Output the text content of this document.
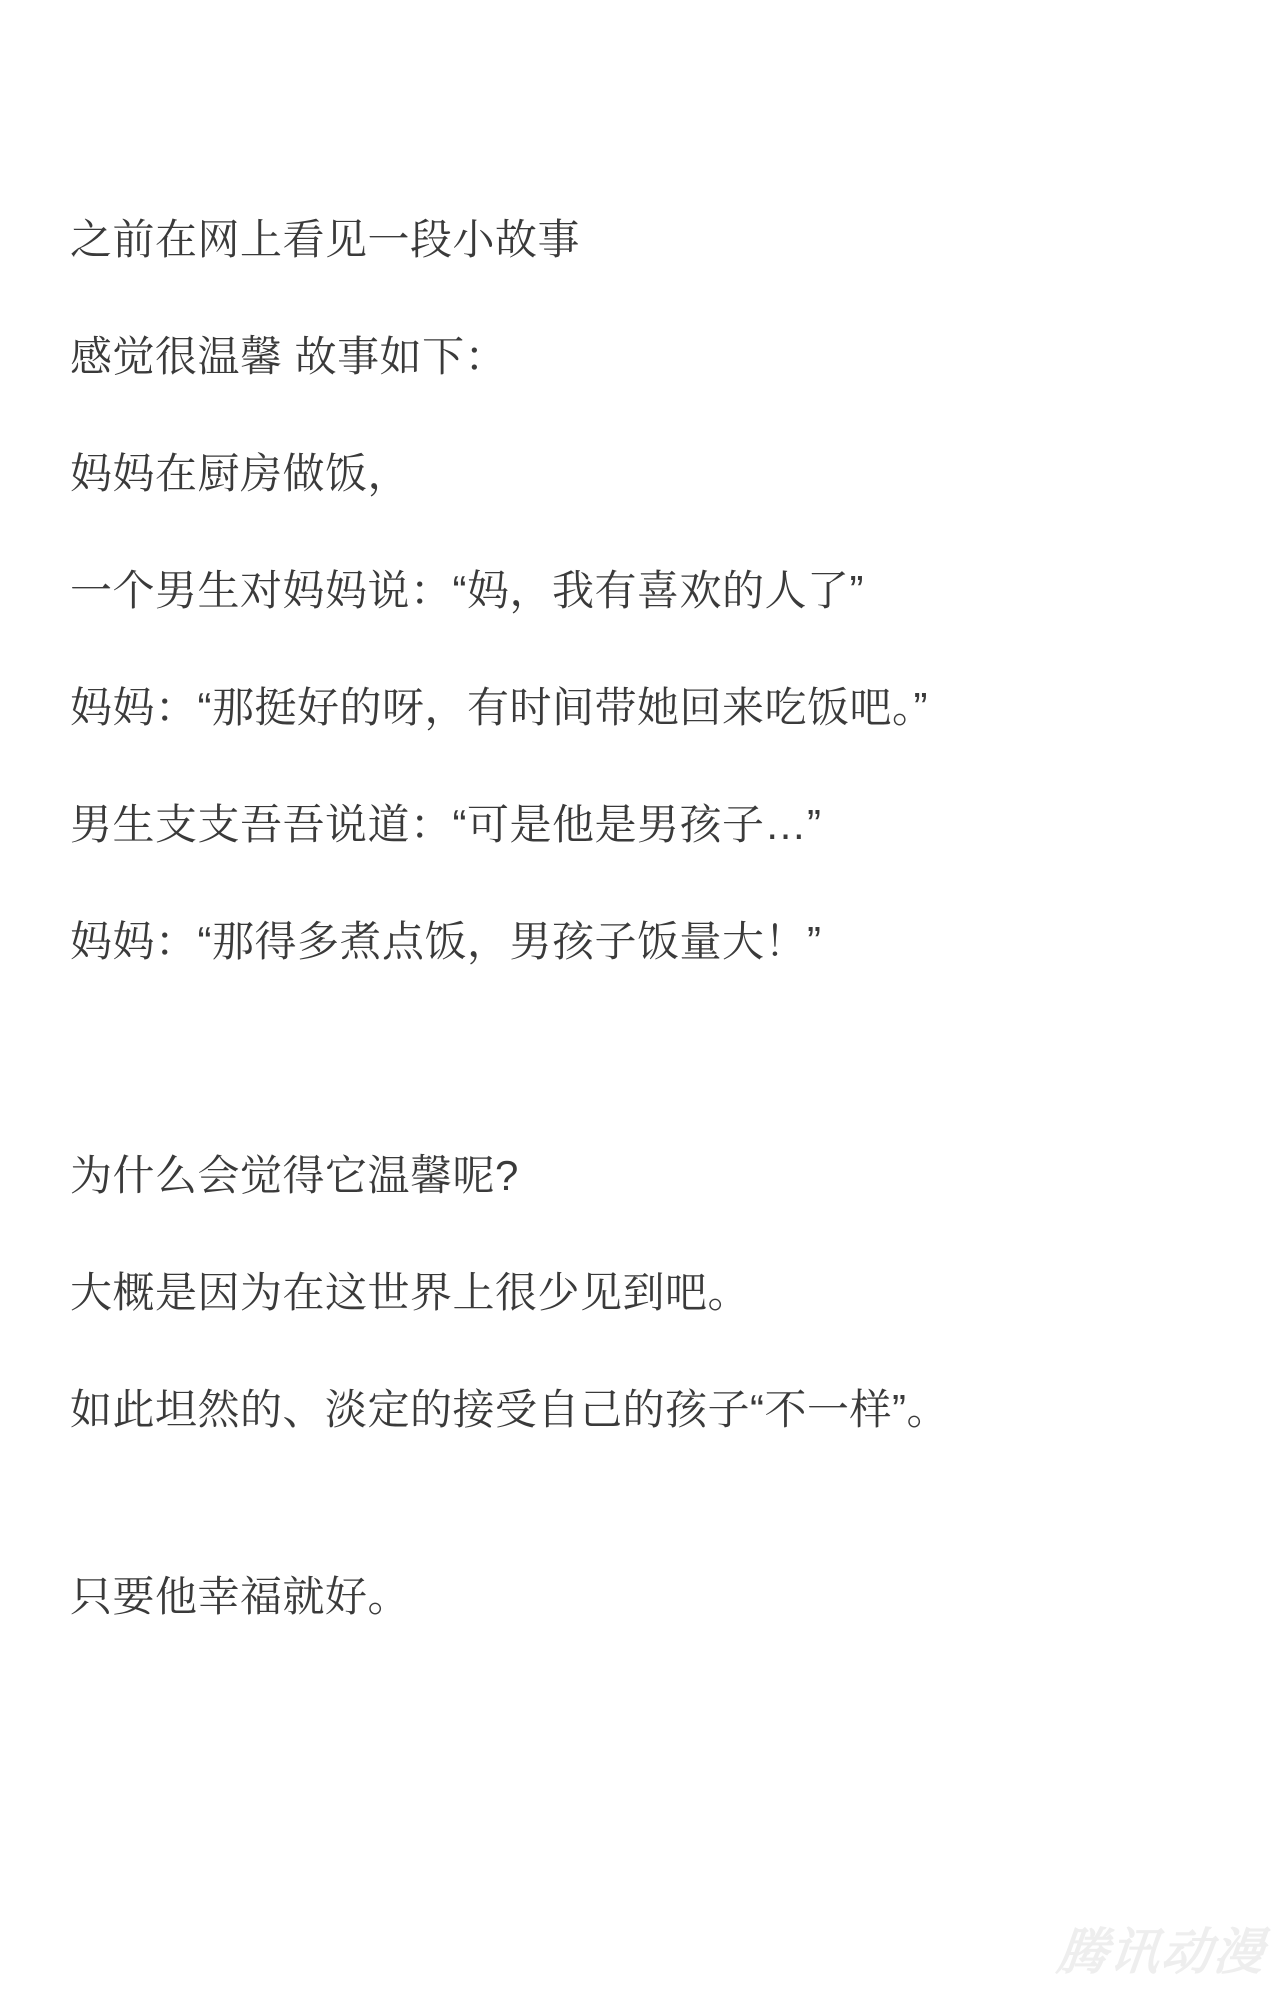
之前在网上看见一段小故事

感觉很温馨 故事如下：

妈妈在厨房做饭，

一个男生对妈妈说：“妈，我有喜欢的人了”

妈妈：“那挺好的呀，有时间带她回来吃饭吧。”

男生支支吾吾说道：“可是他是男孩子…”

妈妈：“那得多煮点饭，男孩子饭量大！”

为什么会觉得它温馨呢?

大概是因为在这世界上很少见到吧。

如此坦然的、淡定的接受自己的孩子“不一样”。

只要他幸福就好。

腾讯动漫
